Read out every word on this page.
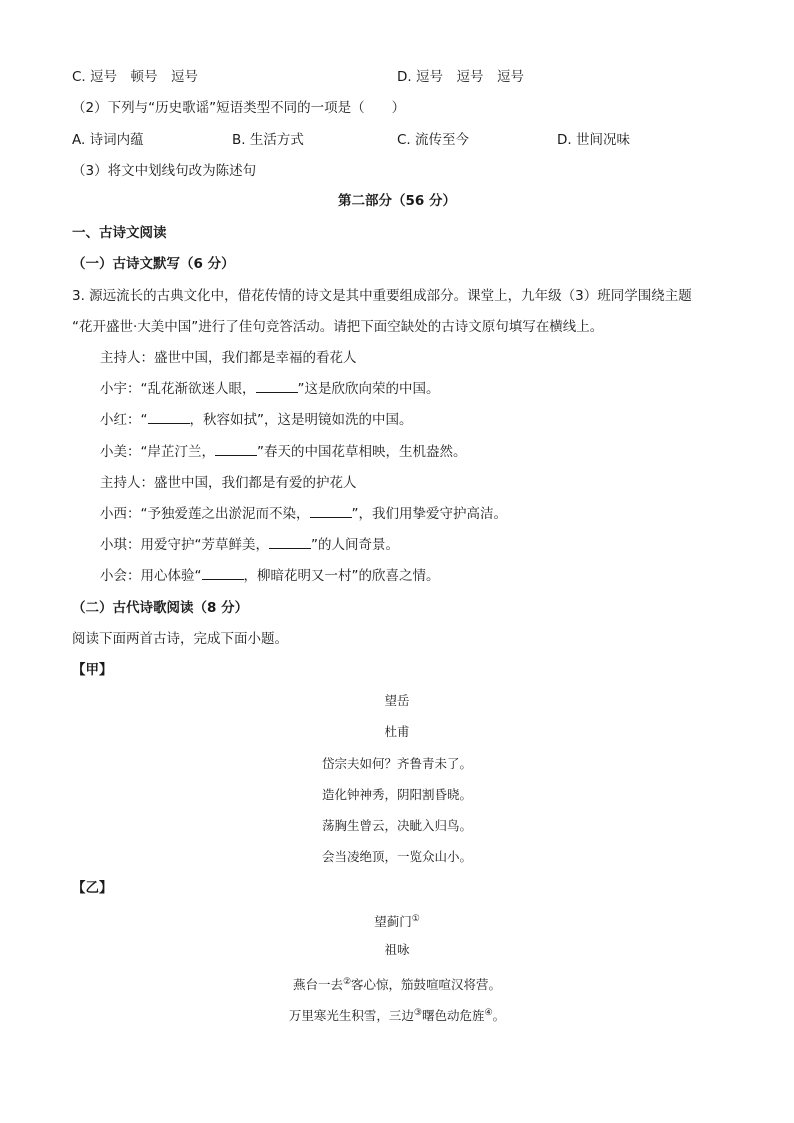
C. 逗号　顿号　逗号	D. 逗号　逗号　逗号
（2）下列与“历史歌谣”短语类型不同的一项是（　　）
A. 诗词内蕴	B. 生活方式	C. 流传至今	D. 世间况味
（3）将文中划线句改为陈述句
第二部分（56 分）
一、古诗文阅读
（一）古诗文默写（6 分）
3. 源远流长的古典文化中，借花传情的诗文是其中重要组成部分。课堂上，九年级（3）班同学围绕主题
“花开盛世·大美中国”进行了佳句竞答活动。请把下面空缺处的古诗文原句填写在横线上。
主持人：盛世中国，我们都是幸福的看花人
小宇：“乱花渐欲迷人眼，	”这是欣欣向荣的中国。
小红：“	，秋容如拭”，这是明镜如洗的中国。
小美：“岸芷汀兰，	”春天的中国花草相映，生机盎然。
主持人：盛世中国，我们都是有爱的护花人
小西：“予独爱莲之出淤泥而不染，	”，我们用挚爱守护高洁。
小琪：用爱守护“芳草鲜美，	”的人间奇景。
小会：用心体验“	，柳暗花明又一村”的欣喜之情。
（二）古代诗歌阅读（8 分）
阅读下面两首古诗，完成下面小题。
【甲】
望岳
杜甫
岱宗夫如何？齐鲁青未了。
造化钟神秀，阴阳割昏晓。
荡胸生曾云，决眦入归鸟。
会当凌绝顶，一览众山小。
【乙】
望蓟门①
祖咏
燕台一去②客心惊，笳鼓喧喧汉将营。
万里寒光生积雪，三边③曙色动危旌④。
